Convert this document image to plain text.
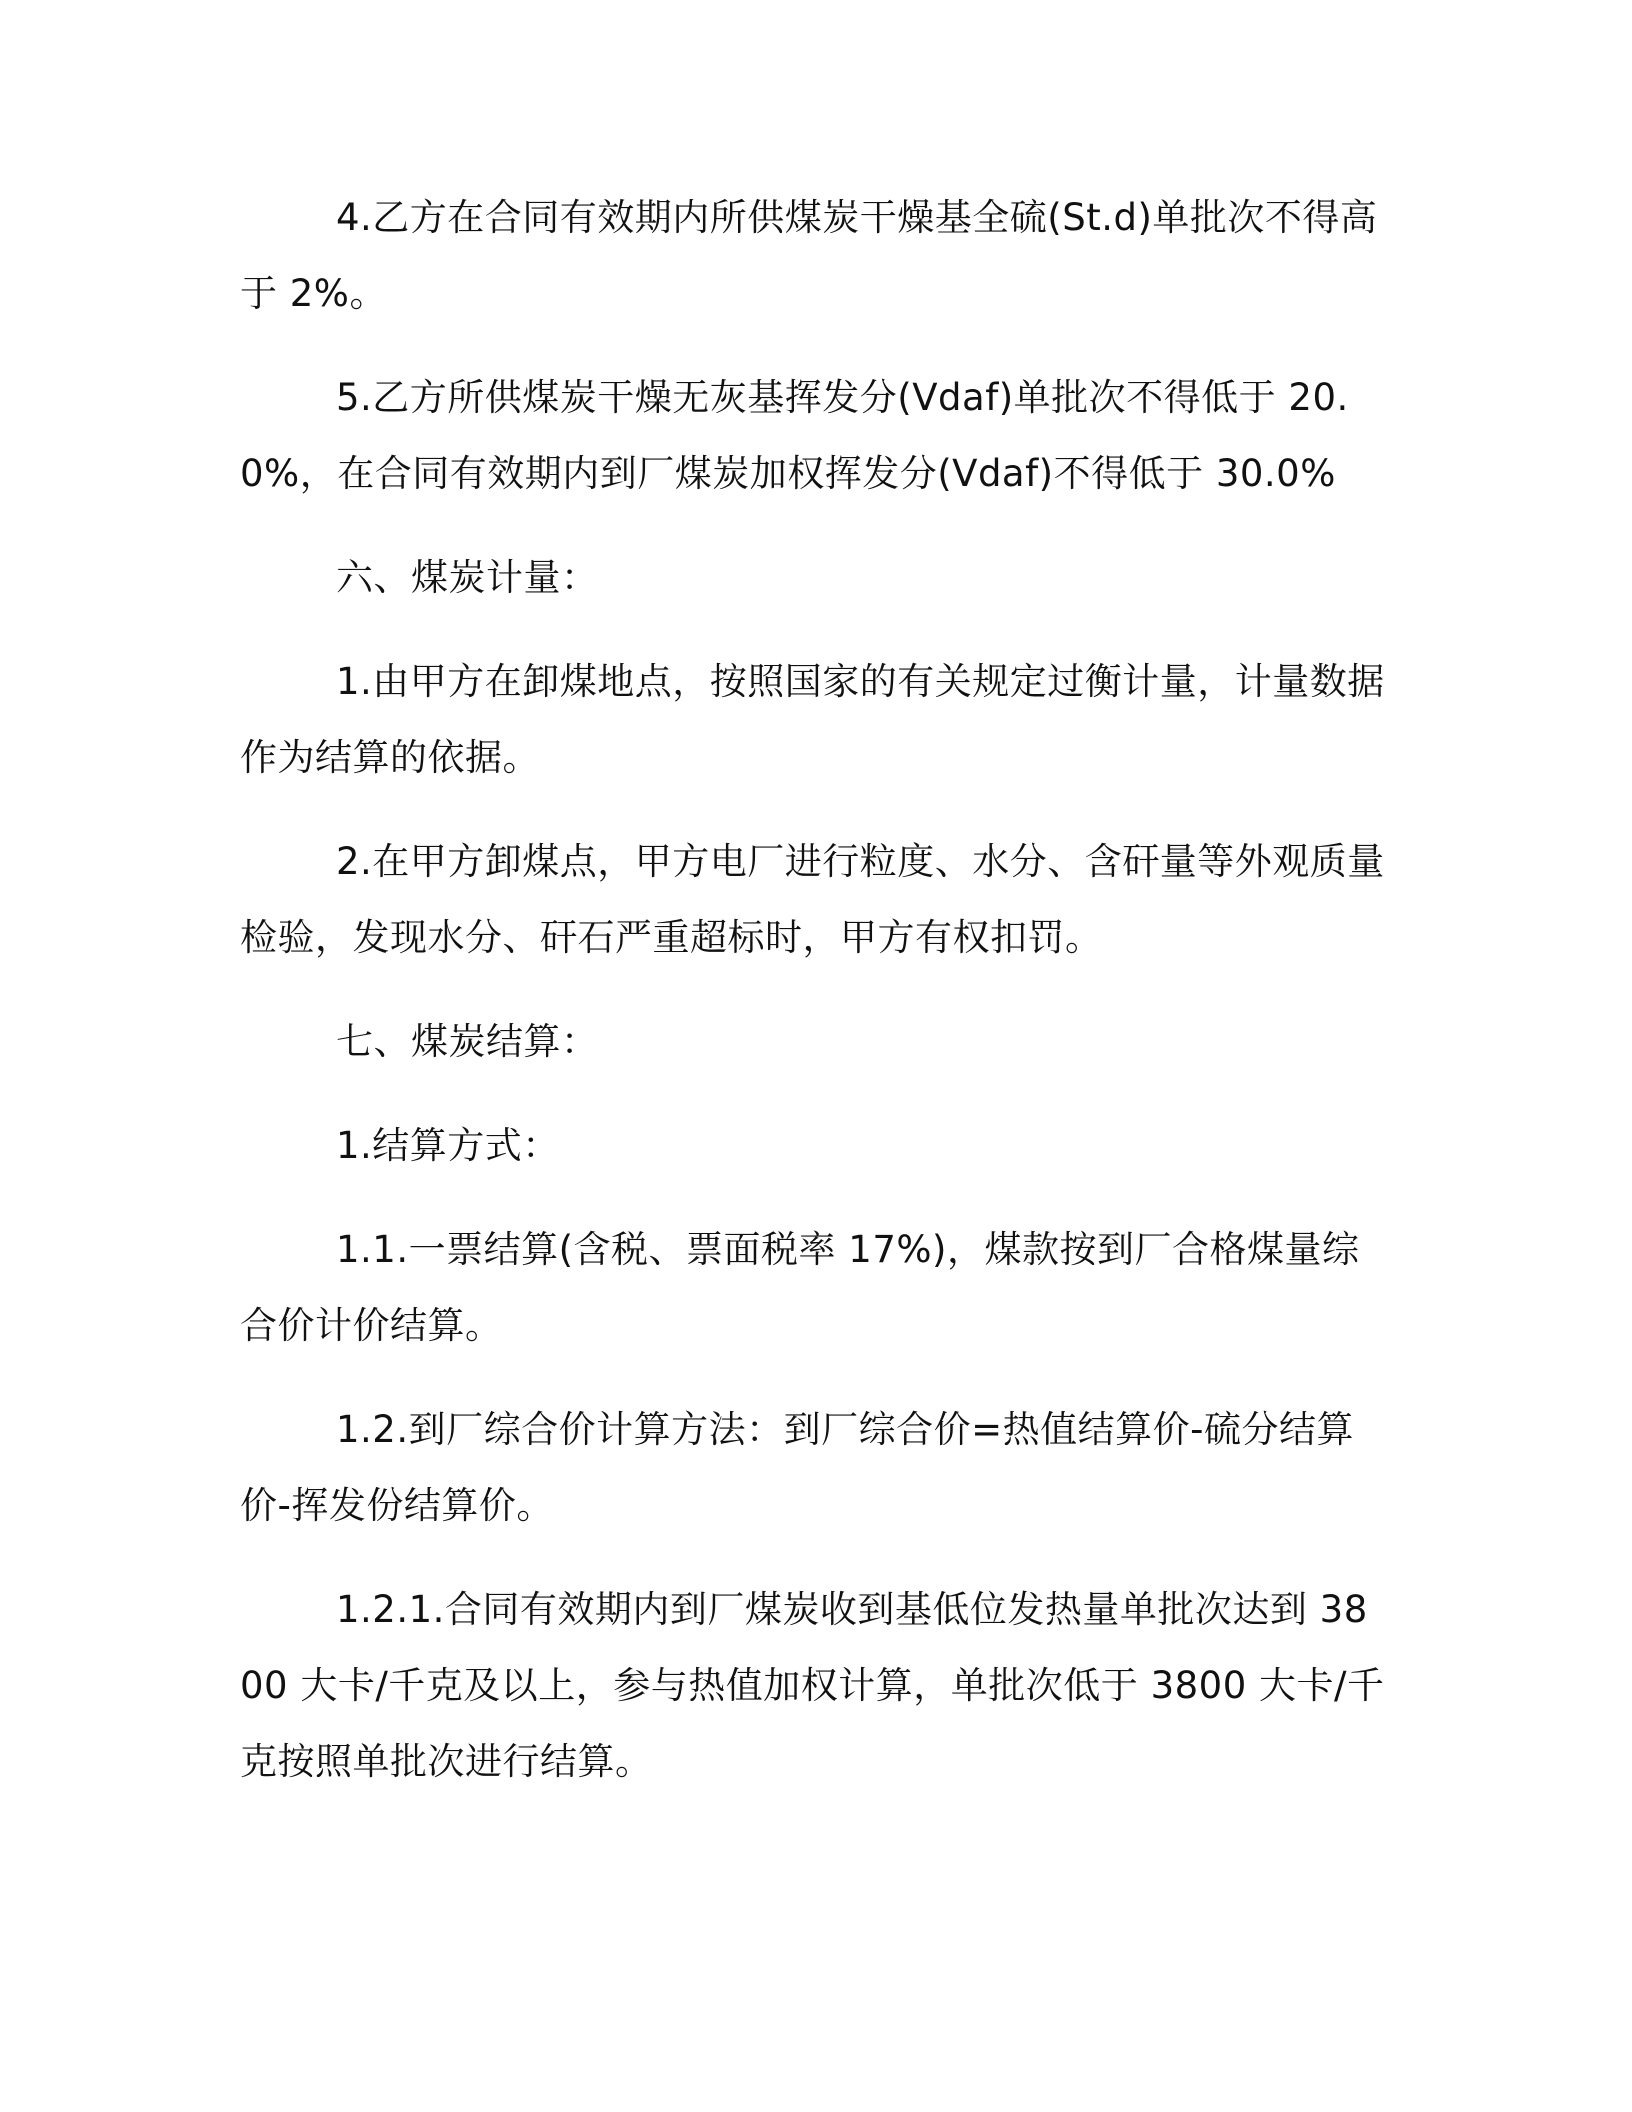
4.乙方在合同有效期内所供煤炭干燥基全硫(St.d)单批次不得高于 2%。

5.乙方所供煤炭干燥无灰基挥发分(Vdaf)单批次不得低于 20.0%，在合同有效期内到厂煤炭加权挥发分(Vdaf)不得低于 30.0%

六、煤炭计量：

1.由甲方在卸煤地点，按照国家的有关规定过衡计量，计量数据作为结算的依据。

2.在甲方卸煤点，甲方电厂进行粒度、水分、含矸量等外观质量检验，发现水分、矸石严重超标时，甲方有权扣罚。

七、煤炭结算：

1.结算方式：

1.1.一票结算(含税、票面税率 17%)，煤款按到厂合格煤量综合价计价结算。

1.2.到厂综合价计算方法：到厂综合价=热值结算价-硫分结算价-挥发份结算价。

1.2.1.合同有效期内到厂煤炭收到基低位发热量单批次达到 3800 大卡/千克及以上，参与热值加权计算，单批次低于 3800 大卡/千克按照单批次进行结算。
